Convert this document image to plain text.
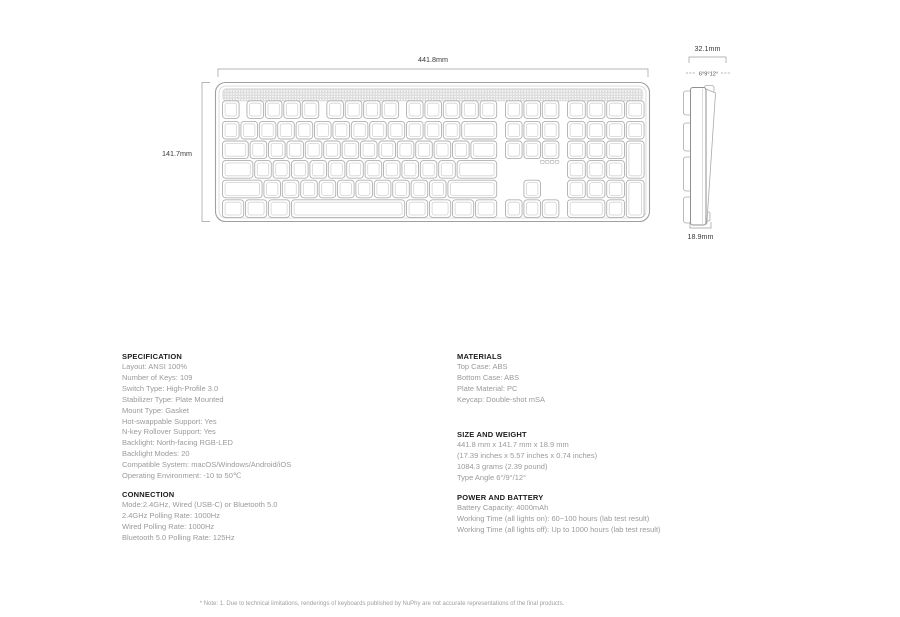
441.8mm
141.7mm
32.1mm
6°9°12°
18.9mm
SPECIFICATION
Layout: ANSI 100%
Number of Keys: 109
Switch Type: High-Profile 3.0
Stabilizer Type: Plate Mounted
Mount Type: Gasket
Hot-swappable Support: Yes
N-key Rollover Support: Yes
Backlight: North-facing RGB-LED
Backlight Modes: 20
Compatible System: macOS/Windows/Android/iOS
Operating Environment: -10 to 50℃
CONNECTION
Mode:2.4GHz, Wired (USB-C) or Bluetooth 5.0
2.4GHz Polling Rate: 1000Hz
Wired Polling Rate: 1000Hz
Bluetooth 5.0 Polling Rate: 125Hz
MATERIALS
Top Case: ABS
Bottom Case: ABS
Plate Material: PC
Keycap: Double-shot mSA
SIZE AND WEIGHT
441.8 mm x 141.7 mm x 18.9 mm
(17.39 inches x 5.57 inches x 0.74 inches)
1084.3 grams (2.39 pound)
Type Angle 6°/9°/12°
POWER AND BATTERY
Battery Capacity: 4000mAh
Working Time (all lights on): 60~100 hours (lab test result)
Working Time (all lights off): Up to 1000 hours (lab test result)
* Note: 1. Due to technical limitations, renderings of keyboards published by NuPhy are not accurate representations of the final products.
